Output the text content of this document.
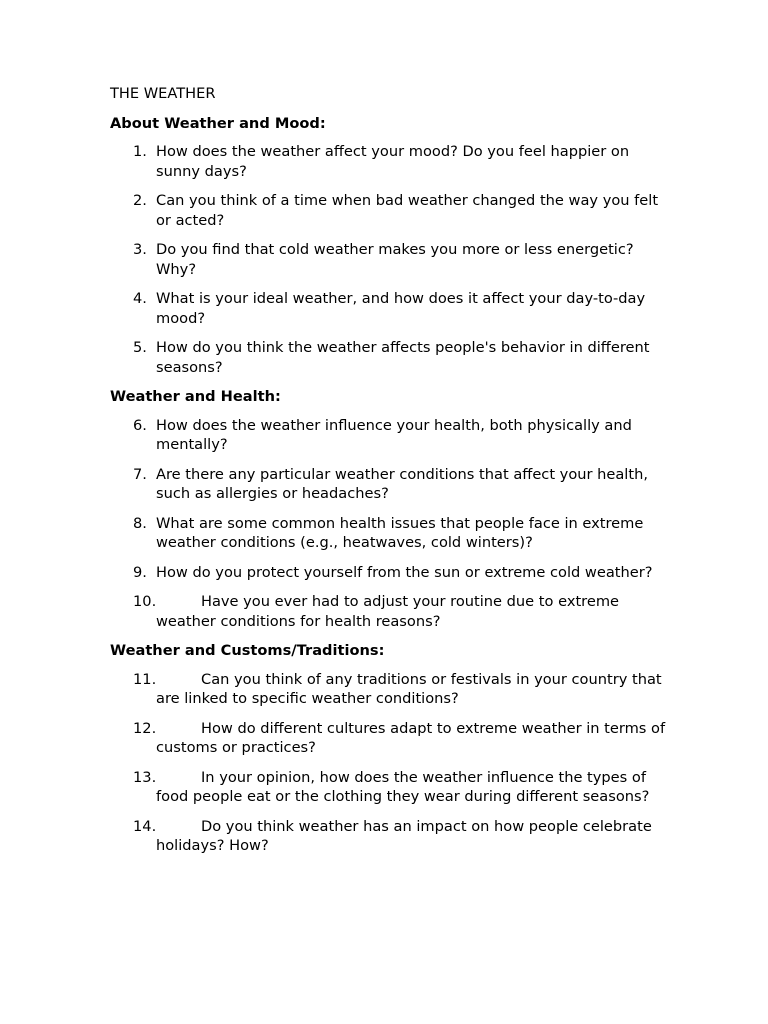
THE WEATHER
About Weather and Mood:
1. How does the weather affect your mood? Do you feel happier on sunny days?
2. Can you think of a time when bad weather changed the way you felt or acted?
3. Do you find that cold weather makes you more or less energetic? Why?
4. What is your ideal weather, and how does it affect your day-to-day mood?
5. How do you think the weather affects people's behavior in different seasons?
Weather and Health:
6. How does the weather influence your health, both physically and mentally?
7. Are there any particular weather conditions that affect your health, such as allergies or headaches?
8. What are some common health issues that people face in extreme weather conditions (e.g., heatwaves, cold winters)?
9. How do you protect yourself from the sun or extreme cold weather?
10.	Have you ever had to adjust your routine due to extreme weather conditions for health reasons?
Weather and Customs/Traditions:
11.	Can you think of any traditions or festivals in your country that are linked to specific weather conditions?
12.	How do different cultures adapt to extreme weather in terms of customs or practices?
13.	In your opinion, how does the weather influence the types of food people eat or the clothing they wear during different seasons?
14.	Do you think weather has an impact on how people celebrate holidays? How?
